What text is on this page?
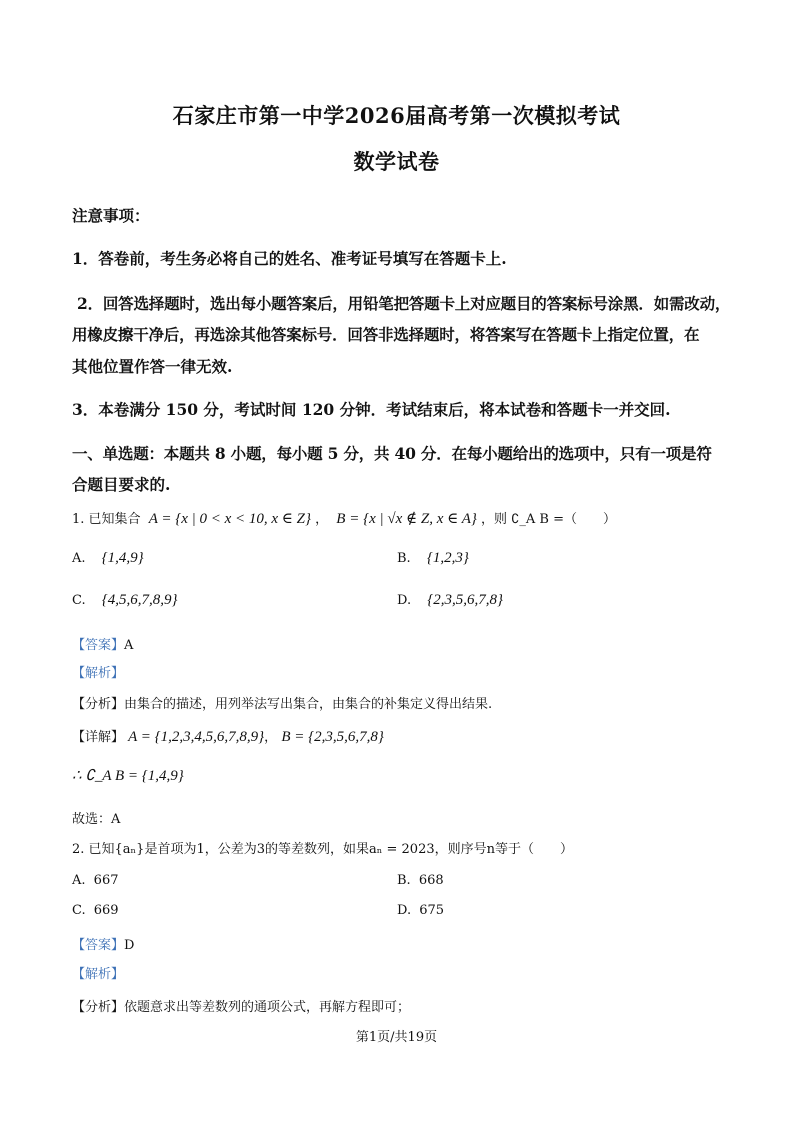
石家庄市第一中学2026届高考第一次模拟考试
数学试卷
注意事项：
1．答卷前，考生务必将自己的姓名、准考证号填写在答题卡上.
2．回答选择题时，选出每小题答案后，用铅笔把答题卡上对应题目的答案标号涂黑．如需改动，
用橡皮擦干净后，再选涂其他答案标号．回答非选择题时，将答案写在答题卡上指定位置，在
其他位置作答一律无效.
3．本卷满分 150 分，考试时间 120 分钟．考试结束后，将本试卷和答题卡一并交回.
一、单选题：本题共 8 小题，每小题 5 分，共 40 分．在每小题给出的选项中，只有一项是符
合题目要求的.
1. 已知集合 A = {x | 0 < x < 10, x ∈ Z} ， B = {x | √x ∉ Z, x ∈ A} ，则 ∁_A B =（　　）
A. {1,4,9}	B. {1,2,3}
C. {4,5,6,7,8,9}	D. {2,3,5,6,7,8}
【答案】A
【解析】
【分析】由集合的描述，用列举法写出集合，由集合的补集定义得出结果.
【详解】 A = {1,2,3,4,5,6,7,8,9}， B = {2,3,5,6,7,8}
∴ ∁_A B = {1,4,9}
故选：A
2. 已知{aₙ}是首项为1，公差为3的等差数列，如果aₙ = 2023，则序号n等于（　　）
A. 667	B. 668
C. 669	D. 675
【答案】D
【解析】
【分析】依题意求出等差数列的通项公式，再解方程即可；
第1页/共19页
